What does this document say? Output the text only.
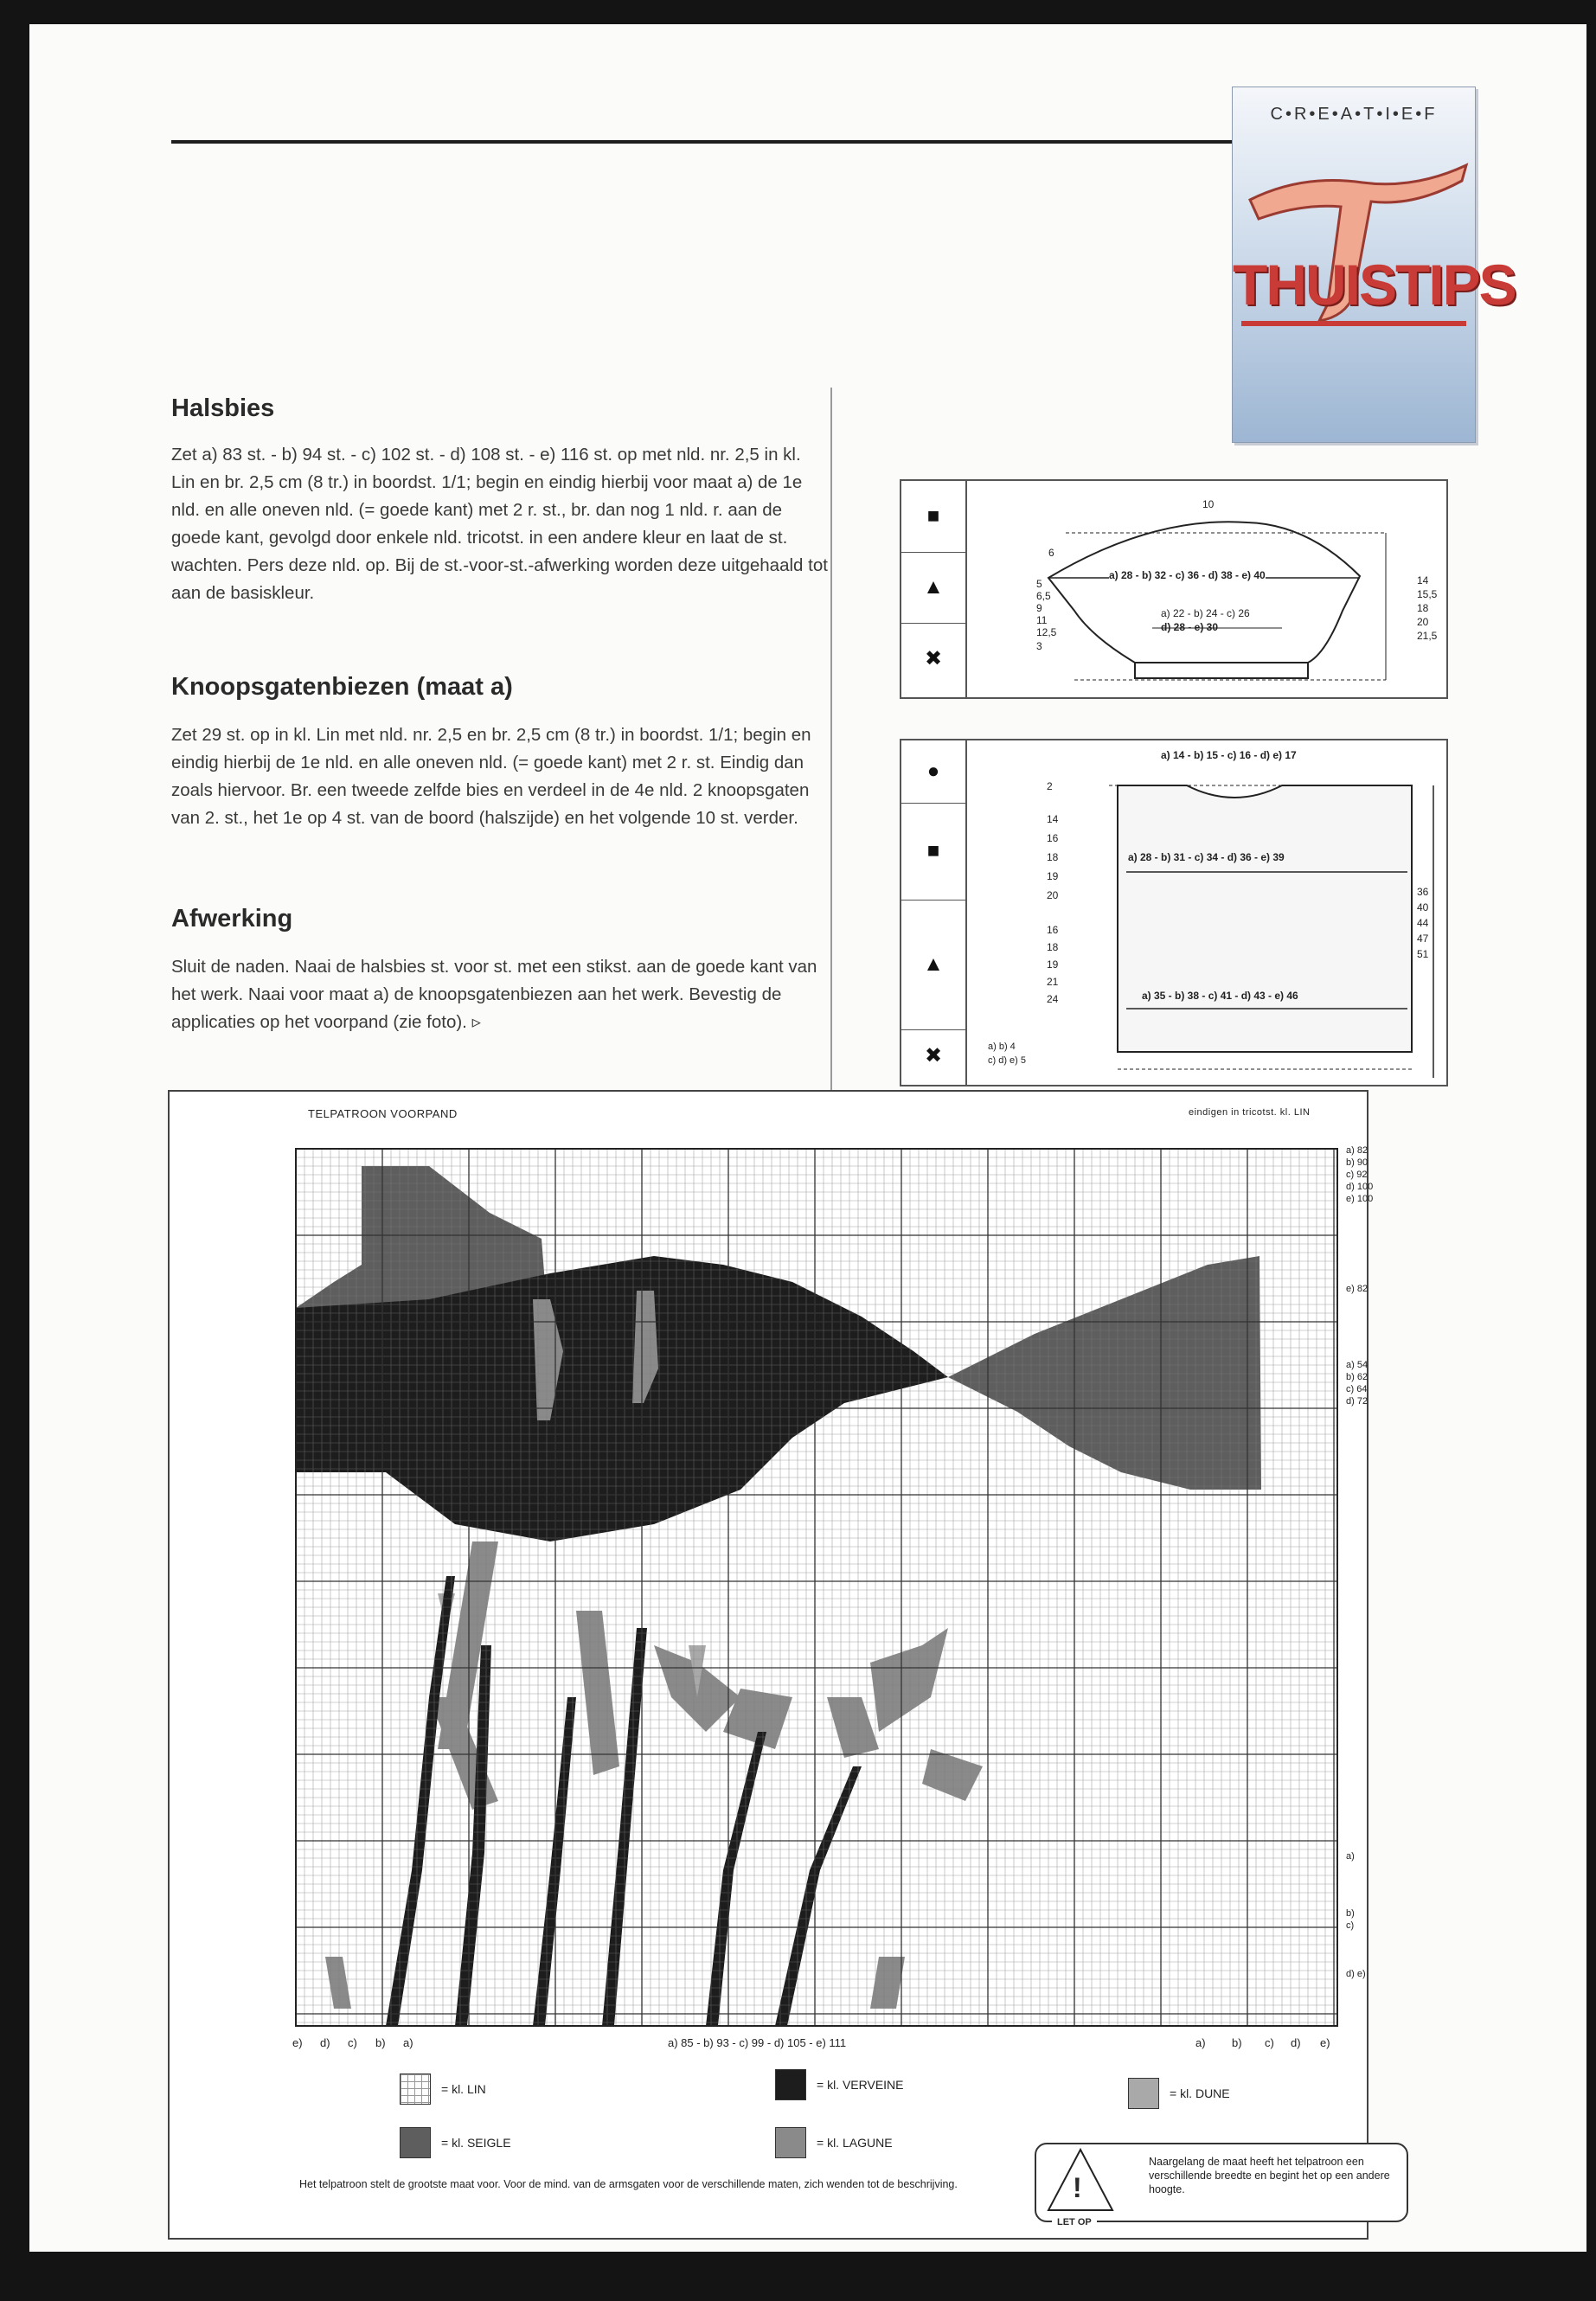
C•R•E•A•T•I•E•F
THUISTIPS
Halsbies
Zet a) 83 st. - b) 94 st. - c) 102 st. - d) 108 st. - e) 116 st. op met nld. nr. 2,5 in kl. Lin en br. 2,5 cm (8 tr.) in boordst. 1/1; begin en eindig hierbij voor maat a) de 1e nld. en alle oneven nld. (= goede kant) met 2 r. st., br. dan nog 1 nld. r. aan de goede kant, gevolgd door enkele nld. tricotst. in een andere kleur en laat de st. wachten. Pers deze nld. op. Bij de st.-voor-st.-afwerking worden deze uitgehaald tot aan de basiskleur.
Knoopsgatenbiezen (maat a)
Zet 29 st. op in kl. Lin met nld. nr. 2,5 en br. 2,5 cm (8 tr.) in boordst. 1/1; begin en eindig hierbij de 1e nld. en alle oneven nld. (= goede kant) met 2 r. st. Eindig dan zoals hiervoor. Br. een tweede zelfde bies en verdeel in de 4e nld. 2 knoopsgaten van 2. st., het 1e op 4 st. van de boord (halszijde) en het volgende 10 st. verder.
Afwerking
Sluit de naden. Naai de halsbies st. voor st. met een stikst. aan de goede kant van het werk. Naai voor maat a) de knoopsgatenbiezen aan het werk. Bevestig de applicaties op het voorpand (zie foto). ▹
■
▲
✖
10
a) 28 - b) 32 - c) 36 - d) 38 - e) 40
a) 22 - b) 24 - c) 26
d) 28 - e) 30
6
5
6,5
9
11
12,5
3
14
15,5
18
20
21,5
●
■
▲
✖
a) 14 - b) 15 - c) 16 - d) e) 17
a) 28 - b) 31 - c) 34 - d) 36 - e) 39
a) 35 - b) 38 - c) 41 - d) 43 - e) 46
2
14
16
18
19
20
16
18
19
21
24
a) b) 4
c) d) e) 5
36
40
44
47
51
TELPATROON VOORPAND	eindigen in tricotst. kl. LIN
a) 82
b) 90
c) 92
d) 100
e) 100
e) 82
a) 54
b) 62
c) 64
d) 72
a)
b)
c)
d) e)
e) d) c) b) a)	a) 85 - b) 93 - c) 99 - d) 105 - e) 111	a) b) c) d) e)
= kl. LIN	= kl. VERVEINE
= kl. DUNE
= kl. SEIGLE	= kl. LAGUNE
Het telpatroon stelt de grootste maat voor. Voor de mind. van de armsgaten voor de verschillende maten, zich wenden tot de beschrijving.	!
LET OP
Naargelang de maat heeft het telpatroon een verschillende breedte en begint het op een andere hoogte.
